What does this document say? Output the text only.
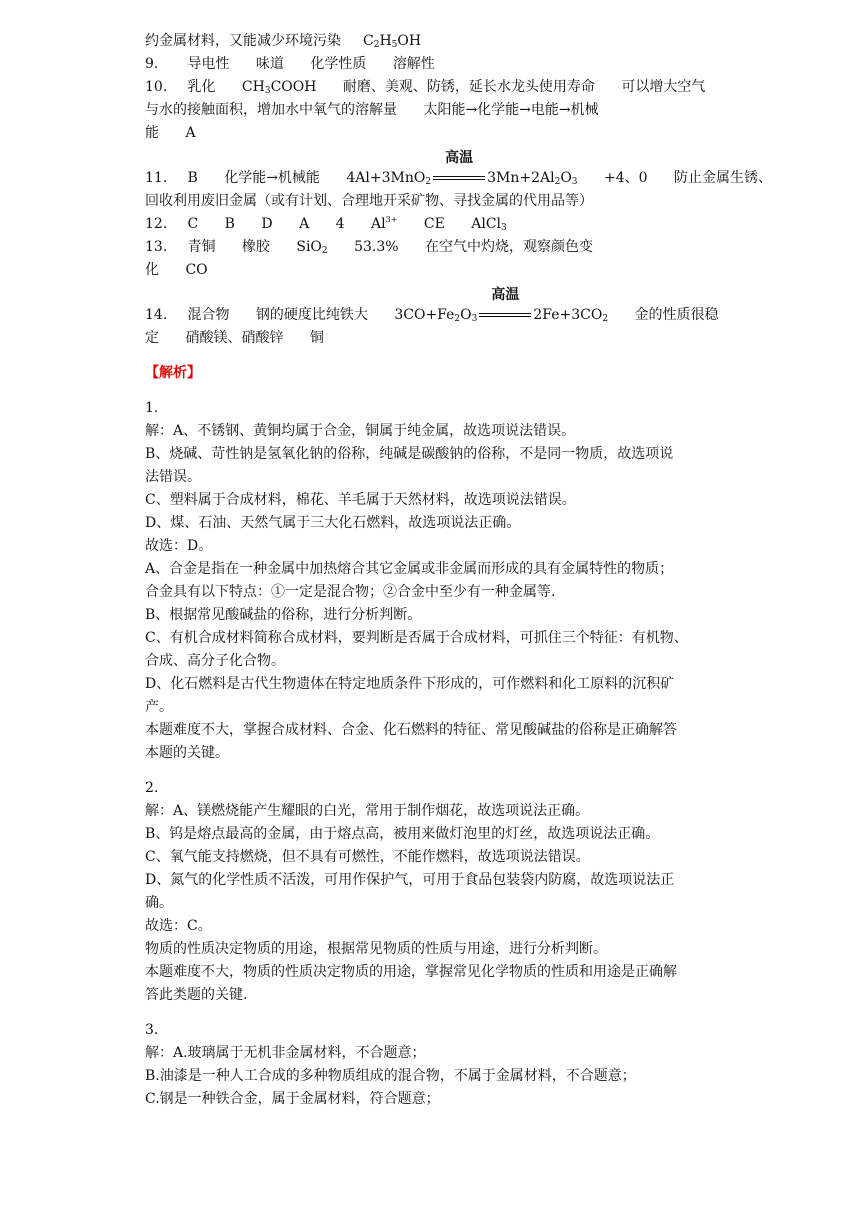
约金属材料，又能减少环境污染 $C_2H_5OH$
9. 导电性 味道 化学性质 溶解性
10. 乳化 $CH_3COOH$ 耐磨、美观、防锈，延长水龙头使用寿命 可以增大空气
与水的接触面积，增加水中氧气的溶解量 太阳能→化学能→电能→机械
能 A
11. B 化学能→机械能 4Al+3MnO$_2$
高温
$3Mn+2Al_2O_3 +4$、0 防止金属生锈、
回收利用废旧金属（或有计划、合理地开采矿物、寻找金属的代用品等）
12. C B D A 4 $Al^{3+}$ CE AlCl$_3$
13. 青铜 橡胶 SiO$_2$ 53.3% 在空气中灼烧，观察颜色变
化 CO
14. 混合物 钢的硬度比纯铁大 $3CO+Fe_2O_3$
高温
$2Fe+3CO_2$ 金的性质很稳
定 硝酸镁、硝酸锌 铜
【解析】
1.
解：A、不锈钢、黄铜均属于合金，铜属于纯金属，故选项说法错误。
B、烧碱、苛性钠是氢氧化钠的俗称，纯碱是碳酸钠的俗称，不是同一物质，故选项说
法错误。
C、塑料属于合成材料，棉花、羊毛属于天然材料，故选项说法错误。
D、煤、石油、天然气属于三大化石燃料，故选项说法正确。
故选：D。
A、合金是指在一种金属中加热熔合其它金属或非金属而形成的具有金属特性的物质；
合金具有以下特点：①一定是混合物；②合金中至少有一种金属等.
B、根据常见酸碱盐的俗称，进行分析判断。
C、有机合成材料简称合成材料，要判断是否属于合成材料，可抓住三个特征：有机物、
合成、高分子化合物。
D、化石燃料是古代生物遗体在特定地质条件下形成的，可作燃料和化工原料的沉积矿
产。
本题难度不大，掌握合成材料、合金、化石燃料的特征、常见酸碱盐的俗称是正确解答
本题的关键。
2.
解：A、镁燃烧能产生耀眼的白光，常用于制作烟花，故选项说法正确。
B、钨是熔点最高的金属，由于熔点高，被用来做灯泡里的灯丝，故选项说法正确。
C、氧气能支持燃烧，但不具有可燃性，不能作燃料，故选项说法错误。
D、氮气的化学性质不活泼，可用作保护气，可用于食品包装袋内防腐，故选项说法正
确。
故选：C。
物质的性质决定物质的用途，根据常见物质的性质与用途，进行分析判断。
本题难度不大，物质的性质决定物质的用途，掌握常见化学物质的性质和用途是正确解
答此类题的关键.
3.
解：A.玻璃属于无机非金属材料，不合题意；
B.油漆是一种人工合成的多种物质组成的混合物，不属于金属材料，不合题意；
C.钢是一种铁合金，属于金属材料，符合题意；
